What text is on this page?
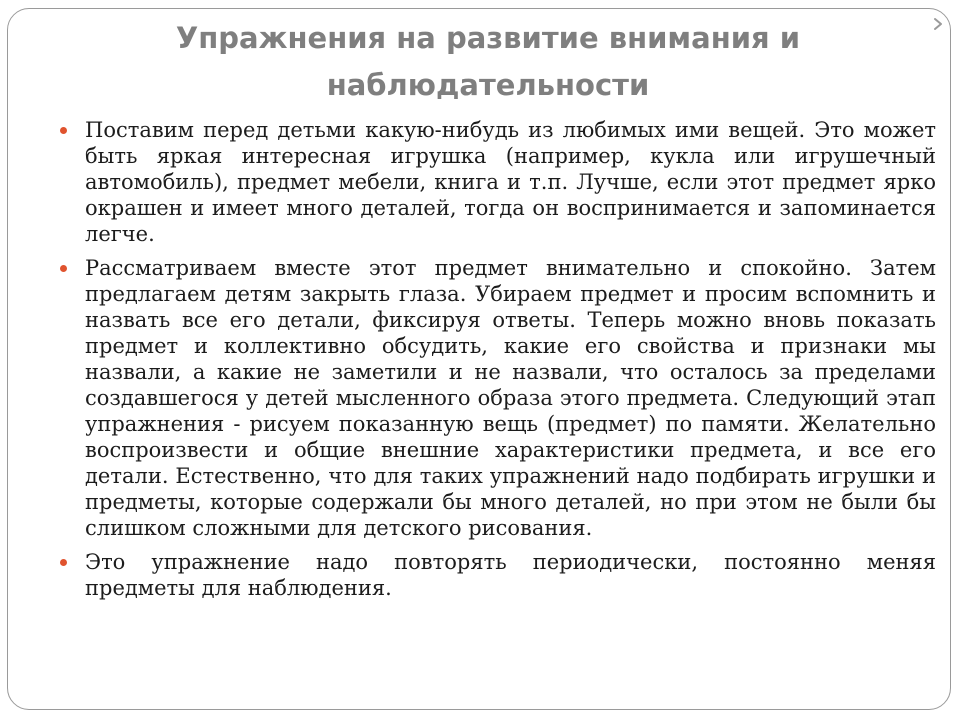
Упражнения на развитие внимания и наблюдательности
Поставим перед детьми какую-нибудь из любимых ими вещей. Это может быть яркая интересная игрушка (например, кукла или игрушечный автомобиль), предмет мебели, книга и т.п. Лучше, если этот предмет ярко окрашен и имеет много деталей, тогда он воспринимается и запоминается легче.
Рассматриваем вместе этот предмет внимательно и спокойно. Затем предлагаем детям закрыть глаза. Убираем предмет и просим вспомнить и назвать все его детали, фиксируя ответы. Теперь можно вновь показать предмет и коллективно обсудить, какие его свойства и признаки мы назвали, а какие не заметили и не назвали, что осталось за пределами создавшегося у детей мысленного образа этого предмета. Следующий этап упражнения - рисуем показанную вещь (предмет) по памяти. Желательно воспроизвести и общие внешние характеристики предмета, и все его детали. Естественно, что для таких упражнений надо подбирать игрушки и предметы, которые содержали бы много деталей, но при этом не были бы слишком сложными для детского рисования.
Это упражнение надо повторять периодически, постоянно меняя предметы для наблюдения.
